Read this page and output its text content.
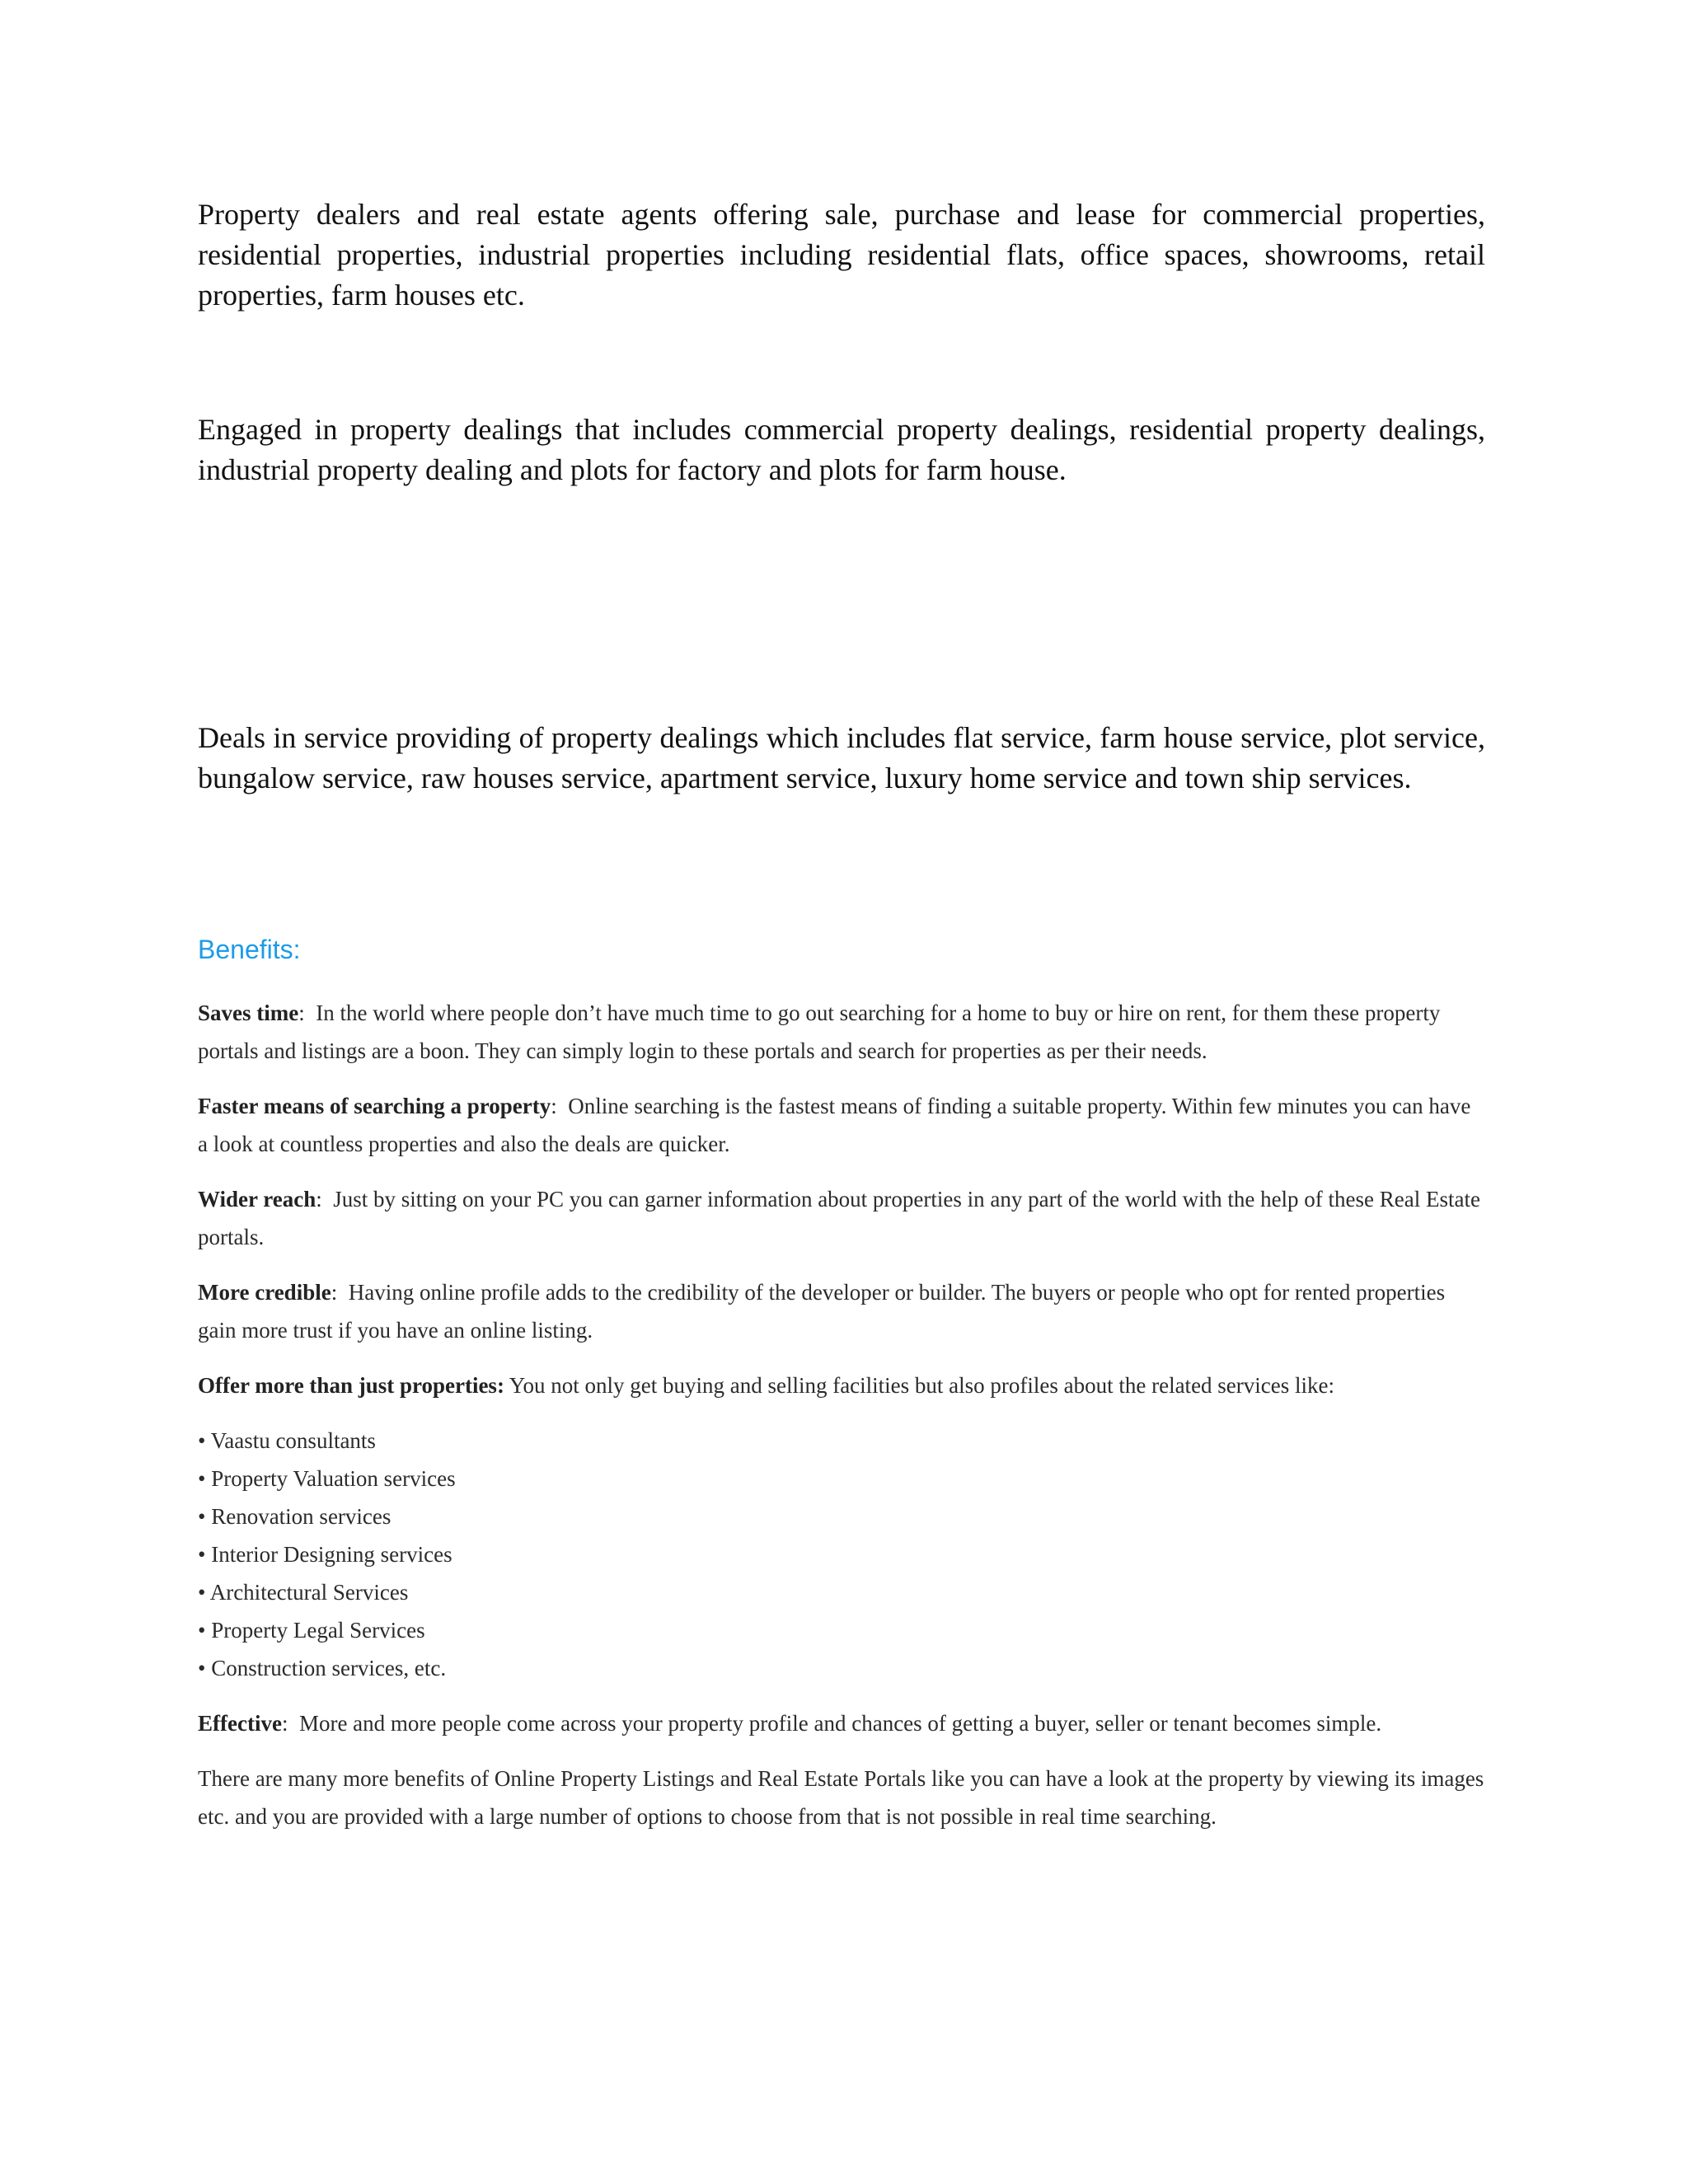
Property dealers and real estate agents offering sale, purchase and lease for commercial properties, residential properties, industrial properties including residential flats, office spaces, showrooms, retail properties, farm houses etc.

Engaged in property dealings that includes commercial property dealings, residential property dealings, industrial property dealing and plots for factory and plots for farm house.

Deals in service providing of property dealings which includes flat service, farm house service, plot service, bungalow service, raw houses service, apartment service, luxury home service and town ship services.

Benefits:

Saves time: In the world where people don’t have much time to go out searching for a home to buy or hire on rent, for them these property portals and listings are a boon. They can simply login to these portals and search for properties as per their needs.

Faster means of searching a property: Online searching is the fastest means of finding a suitable property. Within few minutes you can have a look at countless properties and also the deals are quicker.

Wider reach: Just by sitting on your PC you can garner information about properties in any part of the world with the help of these Real Estate portals.

More credible: Having online profile adds to the credibility of the developer or builder. The buyers or people who opt for rented properties gain more trust if you have an online listing.

Offer more than just properties: You not only get buying and selling facilities but also profiles about the related services like:

• Vaastu consultants
• Property Valuation services
• Renovation services
• Interior Designing services
• Architectural Services
• Property Legal Services
• Construction services, etc.

Effective: More and more people come across your property profile and chances of getting a buyer, seller or tenant becomes simple.

There are many more benefits of Online Property Listings and Real Estate Portals like you can have a look at the property by viewing its images etc. and you are provided with a large number of options to choose from that is not possible in real time searching.
